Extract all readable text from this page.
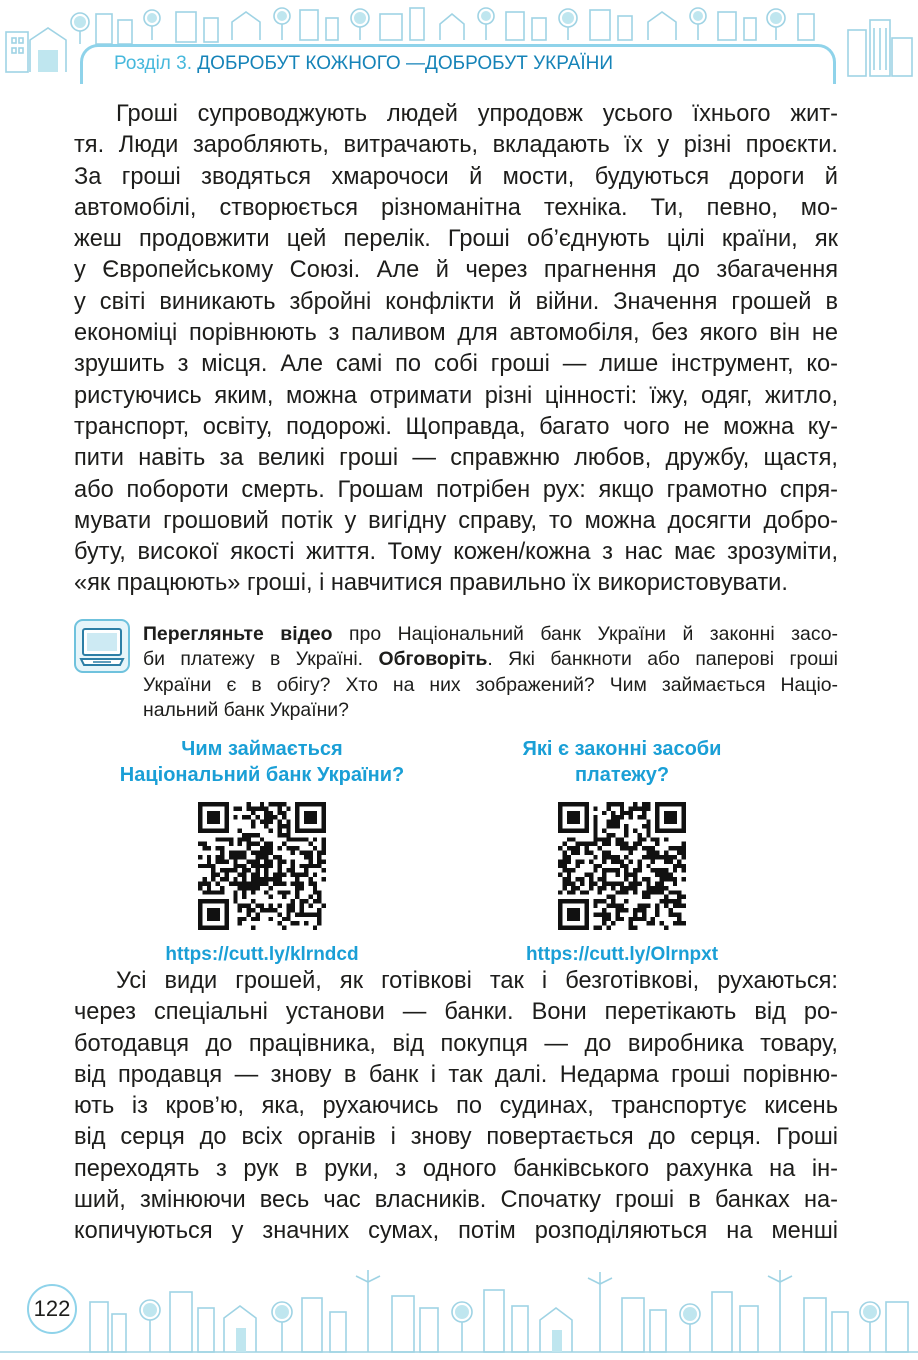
Розділ 3. ДОБРОБУТ КОЖНОГО —ДОБРОБУТ УКРАЇНИ
Гроші супроводжують людей упродовж усього їхнього жит-
тя. Люди заробляють, витрачають, вкладають їх у різні проєкти.
За гроші зводяться хмарочоси й мости, будуються дороги й
автомобілі, створюється різноманітна техніка. Ти, певно, мо-
жеш продовжити цей перелік. Гроші об’єднують цілі країни, як
у Європейському Союзі. Але й через прагнення до збагачення
у світі виникають збройні конфлікти й війни. Значення грошей в
економіці порівнюють з паливом для автомобіля, без якого він не
зрушить з місця. Але самі по собі гроші — лише інструмент, ко-
ристуючись яким, можна отримати різні цінності: їжу, одяг, житло,
транспорт, освіту, подорожі. Щоправда, багато чого не можна ку-
пити навіть за великі гроші — справжню любов, дружбу, щастя,
або побороти смерть. Грошам потрібен рух: якщо грамотно спря-
мувати грошовий потік у вигідну справу, то можна досягти добро-
буту, високої якості життя. Тому кожен/кожна з нас має зрозуміти,
«як працюють» гроші, і навчитися правильно їх використовувати.
Перегляньте відео про Національний банк України й законні засо-
би платежу в Україні. Обговоріть. Які банкноти або паперові гроші
України є в обігу? Хто на них зображений? Чим займається Націо-
нальний банк України?
Чим займається
Національний банк України?
https://cutt.ly/klrndcd
Які є законні засоби
платежу?
https://cutt.ly/Olrnpxt
Усі види грошей, як готівкові так і безготівкові, рухаються:
через спеціальні установи — банки. Вони перетікають від ро-
ботодавця до працівника, від покупця — до виробника товару,
від продавця — знову в банк і так далі. Недарма гроші порівню-
ють із кров’ю, яка, рухаючись по судинах, транспортує кисень
від серця до всіх органів і знову повертається до серця. Гроші
переходять з рук в руки, з одного банківського рахунка на ін-
ший, змінюючи весь час власників. Спочатку гроші в банках на-
копичуються у значних сумах, потім розподіляються на менші
122
